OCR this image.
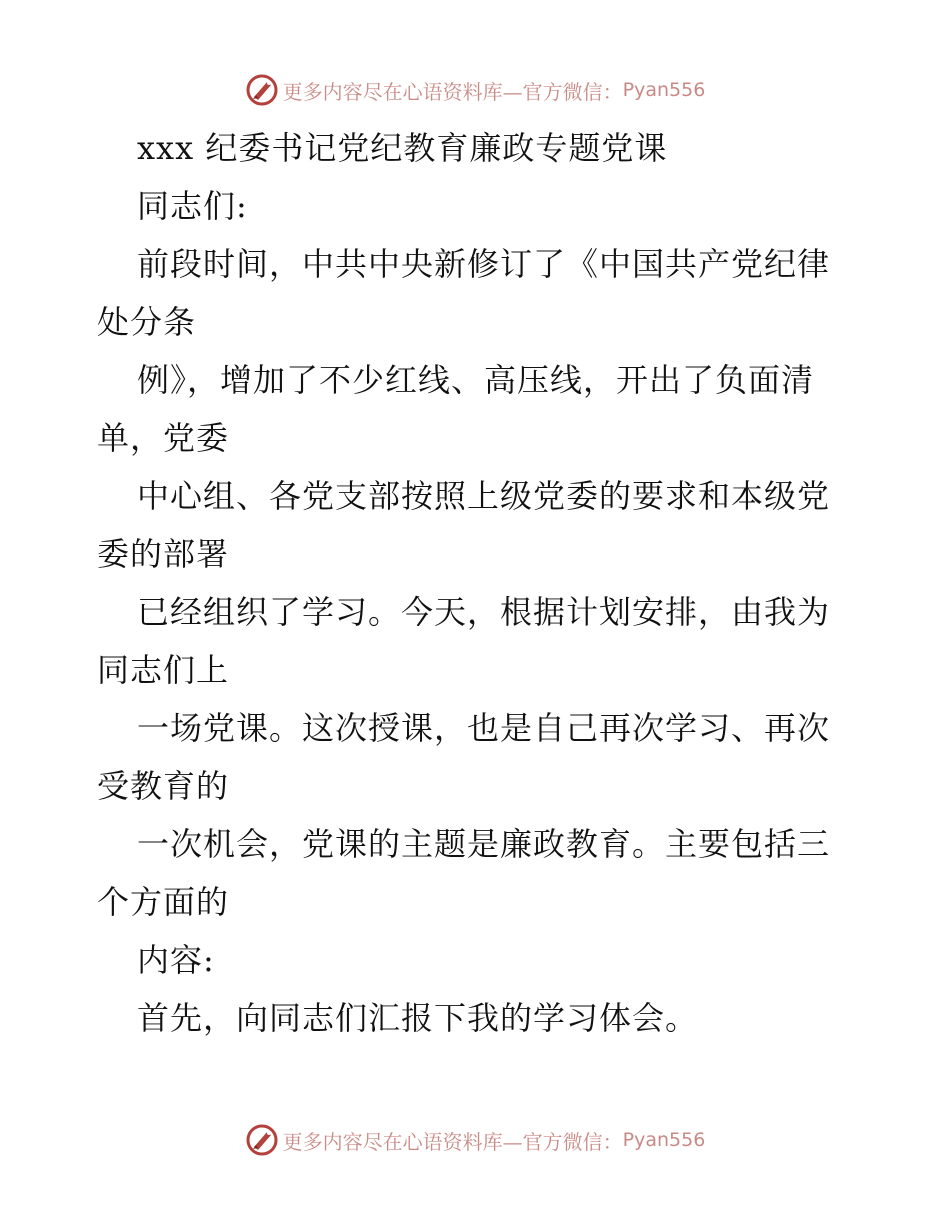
更多内容尽在心语资料库—官方微信： Pyan556
xxx 纪委书记党纪教育廉政专题党课
同志们:
前段时间，中共中央新修订了《中国共产党纪律
处分条
例》，增加了不少红线、高压线，开出了负面清
单，党委
中心组、各党支部按照上级党委的要求和本级党
委的部署
已经组织了学习。今天，根据计划安排，由我为
同志们上
一场党课。这次授课，也是自己再次学习、再次
受教育的
一次机会，党课的主题是廉政教育。主要包括三
个方面的
内容:
首先，向同志们汇报下我的学习体会。
更多内容尽在心语资料库—官方微信： Pyan556
